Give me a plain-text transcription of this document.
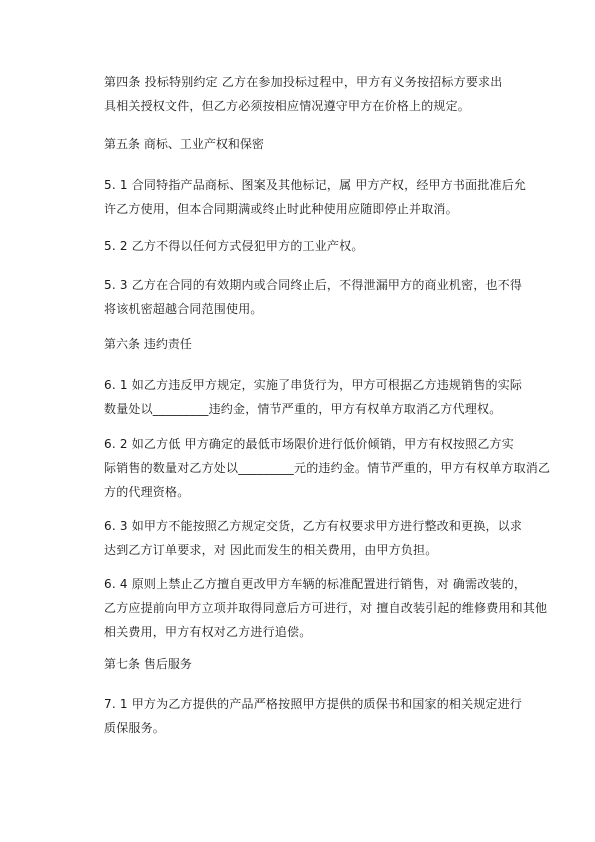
第四条 投标特别约定 乙方在参加投标过程中，甲方有义务按招标方要求出
具相关授权文件，但乙方必须按相应情况遵守甲方在价格上的规定。
第五条 商标、工业产权和保密
5. 1 合同特指产品商标、图案及其他标记，属 甲方产权，经甲方书面批准后允
许乙方使用，但本合同期满或终止时此种使用应随即停止并取消。
5. 2 乙方不得以任何方式侵犯甲方的工业产权。
5. 3 乙方在合同的有效期内或合同终止后，不得泄漏甲方的商业机密，也不得
将该机密超越合同范围使用。
第六条 违约责任
6. 1 如乙方违反甲方规定，实施了串货行为，甲方可根据乙方违规销售的实际
数量处以_________违约金，情节严重的，甲方有权单方取消乙方代理权。
6. 2 如乙方低 甲方确定的最低市场限价进行低价倾销，甲方有权按照乙方实
际销售的数量对乙方处以_________元的违约金。情节严重的，甲方有权单方取消乙
方的代理资格。
6. 3 如甲方不能按照乙方规定交货，乙方有权要求甲方进行整改和更换，以求
达到乙方订单要求，对 因此而发生的相关费用，由甲方负担。
6. 4 原则上禁止乙方擅自更改甲方车辆的标准配置进行销售，对 确需改装的，
乙方应提前向甲方立项并取得同意后方可进行，对 擅自改装引起的维修费用和其他
相关费用，甲方有权对乙方进行追偿。
第七条 售后服务
7. 1 甲方为乙方提供的产品严格按照甲方提供的质保书和国家的相关规定进行
质保服务。
